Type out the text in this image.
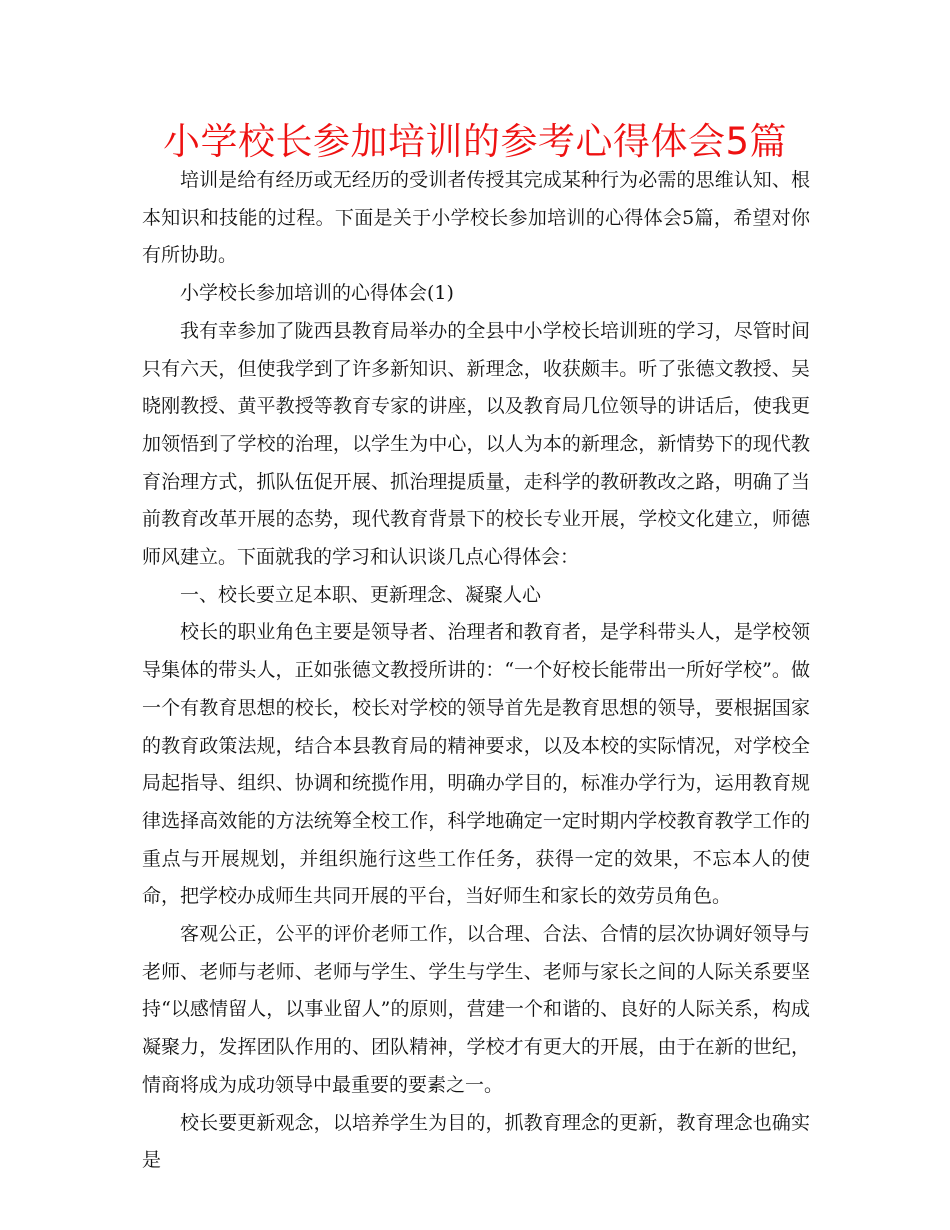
小学校长参加培训的参考心得体会5篇

培训是给有经历或无经历的受训者传授其完成某种行为必需的思维认知、根本知识和技能的过程。下面是关于小学校长参加培训的心得体会5篇，希望对你有所协助。

小学校长参加培训的心得体会(1)

我有幸参加了陇西县教育局举办的全县中小学校长培训班的学习，尽管时间只有六天，但使我学到了许多新知识、新理念，收获颇丰。听了张德文教授、吴晓刚教授、黄平教授等教育专家的讲座，以及教育局几位领导的讲话后，使我更加领悟到了学校的治理，以学生为中心，以人为本的新理念，新情势下的现代教育治理方式，抓队伍促开展、抓治理提质量，走科学的教研教改之路，明确了当前教育改革开展的态势，现代教育背景下的校长专业开展，学校文化建立，师德师风建立。下面就我的学习和认识谈几点心得体会：

一、校长要立足本职、更新理念、凝聚人心

校长的职业角色主要是领导者、治理者和教育者，是学科带头人，是学校领导集体的带头人，正如张德文教授所讲的：“一个好校长能带出一所好学校”。做一个有教育思想的校长，校长对学校的领导首先是教育思想的领导，要根据国家的教育政策法规，结合本县教育局的精神要求，以及本校的实际情况，对学校全局起指导、组织、协调和统揽作用，明确办学目的，标准办学行为，运用教育规律选择高效能的方法统筹全校工作，科学地确定一定时期内学校教育教学工作的重点与开展规划，并组织施行这些工作任务，获得一定的效果，不忘本人的使命，把学校办成师生共同开展的平台，当好师生和家长的效劳员角色。

客观公正，公平的评价老师工作，以合理、合法、合情的层次协调好领导与老师、老师与老师、老师与学生、学生与学生、老师与家长之间的人际关系要坚持“以感情留人，以事业留人”的原则，营建一个和谐的、良好的人际关系，构成凝聚力，发挥团队作用的、团队精神，学校才有更大的开展，由于在新的世纪，情商将成为成功领导中最重要的要素之一。

校长要更新观念，以培养学生为目的，抓教育理念的更新，教育理念也确实是
